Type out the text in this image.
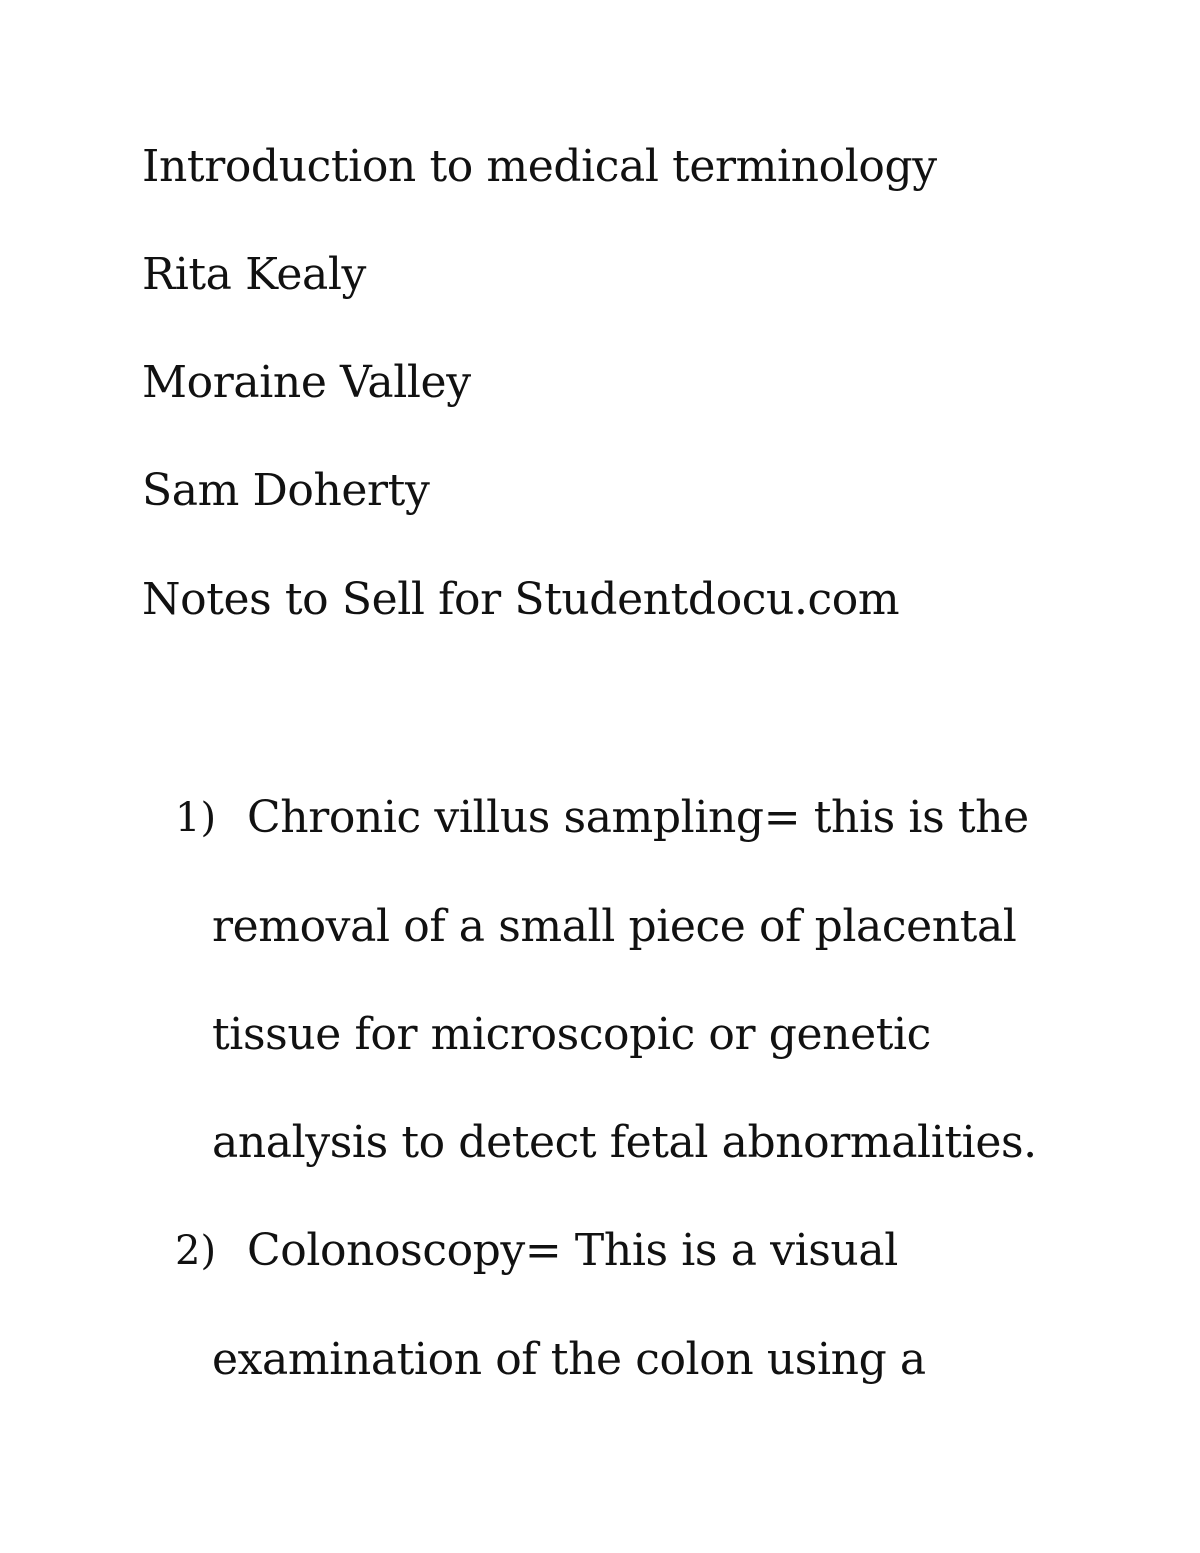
Introduction to medical terminology

Rita Kealy

Moraine Valley

Sam Doherty

Notes to Sell for Studentdocu.com

1) Chronic villus sampling= this is the
removal of a small piece of placental
tissue for microscopic or genetic
analysis to detect fetal abnormalities.
2) Colonoscopy= This is a visual
examination of the colon using a
